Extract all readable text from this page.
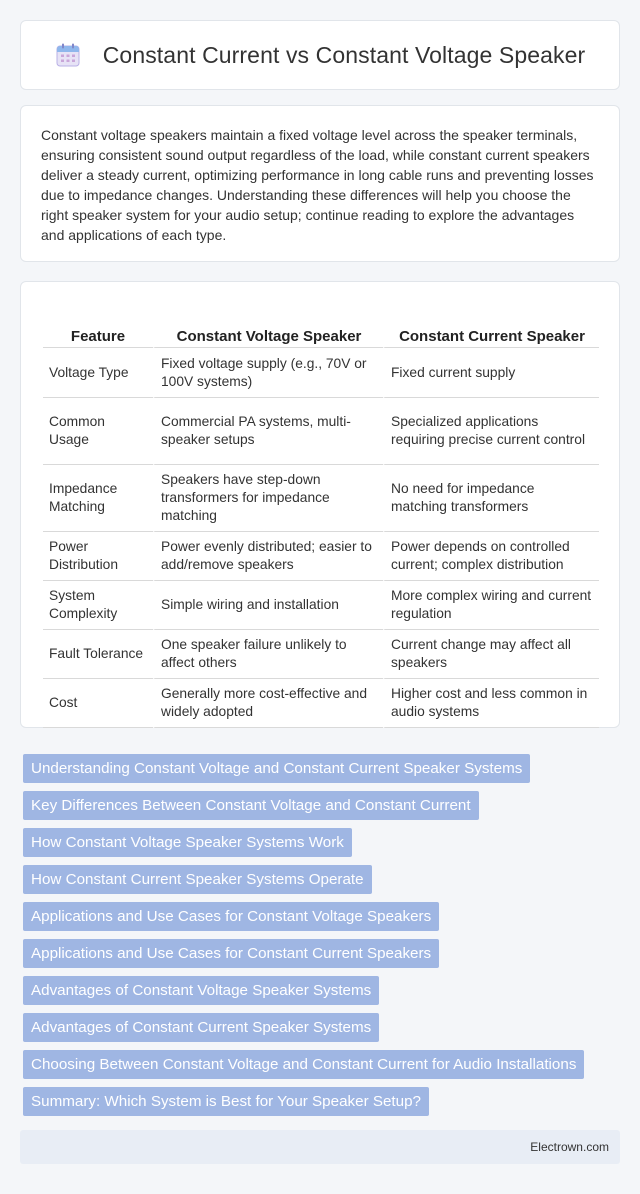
Constant Current vs Constant Voltage Speaker

Constant voltage speakers maintain a fixed voltage level across the speaker terminals, ensuring consistent sound output regardless of the load, while constant current speakers deliver a steady current, optimizing performance in long cable runs and preventing losses due to impedance changes. Understanding these differences will help you choose the right speaker system for your audio setup; continue reading to explore the advantages and applications of each type.

Feature	Constant Voltage Speaker	Constant Current Speaker
Voltage Type	Fixed voltage supply (e.g., 70V or 100V systems)	Fixed current supply
Common Usage	Commercial PA systems, multi-speaker setups	Specialized applications requiring precise current control
Impedance Matching	Speakers have step-down transformers for impedance matching	No need for impedance matching transformers
Power Distribution	Power evenly distributed; easier to add/remove speakers	Power depends on controlled current; complex distribution
System Complexity	Simple wiring and installation	More complex wiring and current regulation
Fault Tolerance	One speaker failure unlikely to affect others	Current change may affect all speakers
Cost	Generally more cost-effective and widely adopted	Higher cost and less common in audio systems
Understanding Constant Voltage and Constant Current Speaker Systems
Key Differences Between Constant Voltage and Constant Current
How Constant Voltage Speaker Systems Work
How Constant Current Speaker Systems Operate
Applications and Use Cases for Constant Voltage Speakers
Applications and Use Cases for Constant Current Speakers
Advantages of Constant Voltage Speaker Systems
Advantages of Constant Current Speaker Systems
Choosing Between Constant Voltage and Constant Current for Audio Installations
Summary: Which System is Best for Your Speaker Setup?
Electrown.com
